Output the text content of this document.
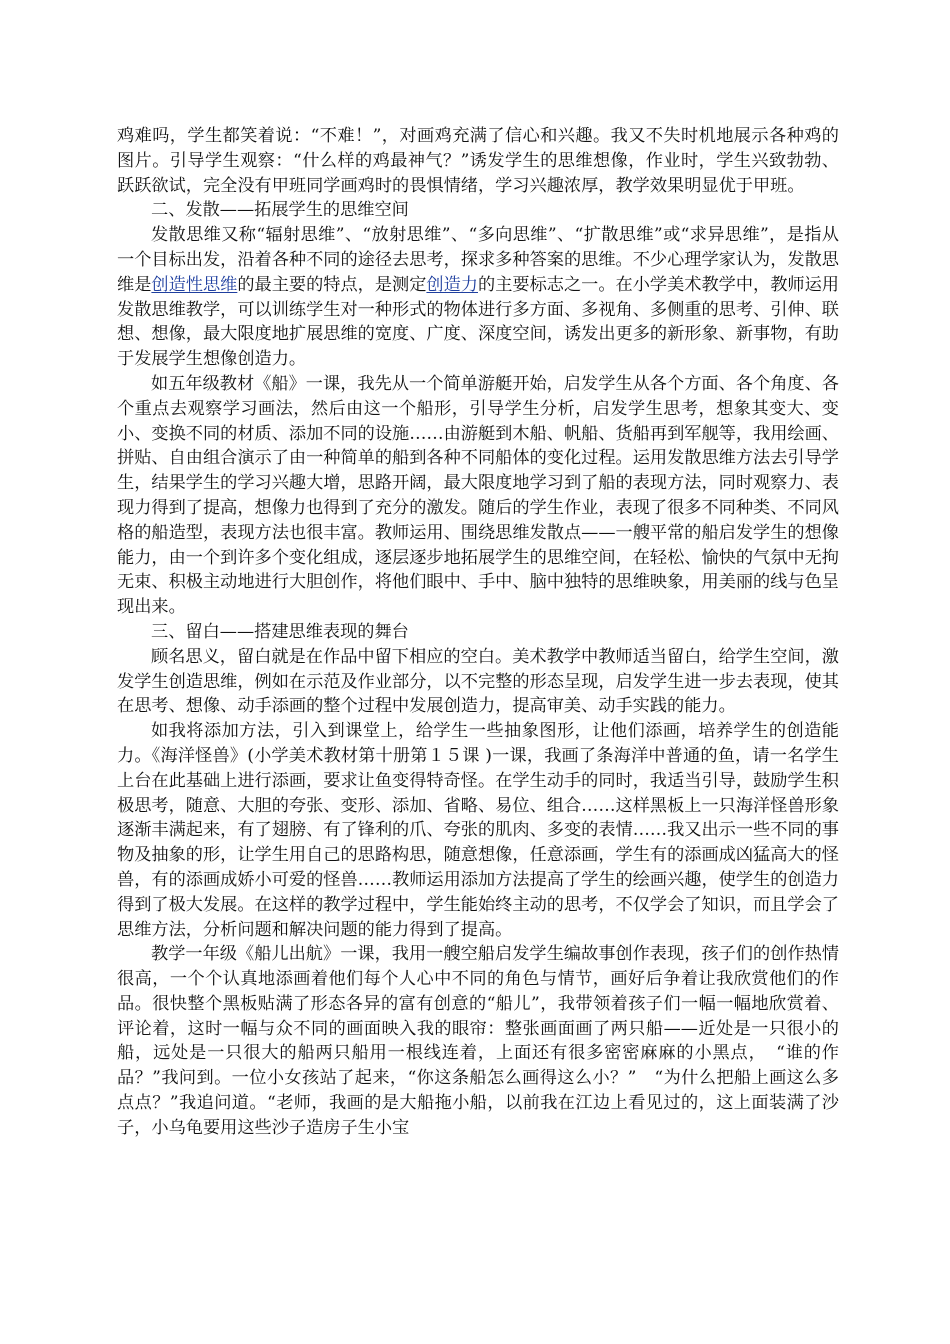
鸡难吗，学生都笑着说：“不难！”，对画鸡充满了信心和兴趣。我又不失时机地展示各种鸡的图片。引导学生观察：“什么样的鸡最神气？”诱发学生的思维想像，作业时，学生兴致勃勃、跃跃欲试，完全没有甲班同学画鸡时的畏惧情绪，学习兴趣浓厚，教学效果明显优于甲班。

二、发散——拓展学生的思维空间

发散思维又称“辐射思维”、“放射思维”、“多向思维”、“扩散思维”或“求异思维”，是指从一个目标出发，沿着各种不同的途径去思考，探求多种答案的思维。不少心理学家认为，发散思维是创造性思维的最主要的特点，是测定创造力的主要标志之一。在小学美术教学中，教师运用发散思维教学，可以训练学生对一种形式的物体进行多方面、多视角、多侧重的思考、引伸、联想、想像，最大限度地扩展思维的宽度、广度、深度空间，诱发出更多的新形象、新事物，有助于发展学生想像创造力。

如五年级教材《船》一课，我先从一个简单游艇开始，启发学生从各个方面、各个角度、各个重点去观察学习画法，然后由这一个船形，引导学生分析，启发学生思考，想象其变大、变小、变换不同的材质、添加不同的设施……由游艇到木船、帆船、货船再到军舰等，我用绘画、拼贴、自由组合演示了由一种简单的船到各种不同船体的变化过程。运用发散思维方法去引导学生，结果学生的学习兴趣大增，思路开阔，最大限度地学习到了船的表现方法，同时观察力、表现力得到了提高，想像力也得到了充分的激发。随后的学生作业，表现了很多不同种类、不同风格的船造型，表现方法也很丰富。教师运用、围绕思维发散点——一艘平常的船启发学生的想像能力，由一个到许多个变化组成，逐层逐步地拓展学生的思维空间，在轻松、愉快的气氛中无拘无束、积极主动地进行大胆创作，将他们眼中、手中、脑中独特的思维映象，用美丽的线与色呈现出来。

三、留白——搭建思维表现的舞台

顾名思义，留白就是在作品中留下相应的空白。美术教学中教师适当留白，给学生空间，激发学生创造思维，例如在示范及作业部分，以不完整的形态呈现，启发学生进一步去表现，使其在思考、想像、动手添画的整个过程中发展创造力，提高审美、动手实践的能力。

如我将添加方法，引入到课堂上，给学生一些抽象图形，让他们添画，培养学生的创造能力。《海洋怪兽》(小学美术教材第十册第１５课 )一课，我画了条海洋中普通的鱼，请一名学生上台在此基础上进行添画，要求让鱼变得特奇怪。在学生动手的同时，我适当引导，鼓励学生积极思考，随意、大胆的夸张、变形、添加、省略、易位、组合……这样黑板上一只海洋怪兽形象逐渐丰满起来，有了翅膀、有了锋利的爪、夸张的肌肉、多变的表情……我又出示一些不同的事物及抽象的形，让学生用自己的思路构思，随意想像，任意添画，学生有的添画成凶猛高大的怪兽，有的添画成娇小可爱的怪兽……教师运用添加方法提高了学生的绘画兴趣，使学生的创造力得到了极大发展。在这样的教学过程中，学生能始终主动的思考，不仅学会了知识，而且学会了思维方法，分析问题和解决问题的能力得到了提高。

教学一年级《船儿出航》一课，我用一艘空船启发学生编故事创作表现，孩子们的创作热情很高，一个个认真地添画着他们每个人心中不同的角色与情节，画好后争着让我欣赏他们的作品。很快整个黑板贴满了形态各异的富有创意的“船儿”，我带领着孩子们一幅一幅地欣赏着、评论着，这时一幅与众不同的画面映入我的眼帘：整张画面画了两只船——近处是一只很小的船，远处是一只很大的船两只船用一根线连着，上面还有很多密密麻麻的小黑点，　“谁的作品？”我问到。一位小女孩站了起来，“你这条船怎么画得这么小？”　“为什么把船上画这么多点点？”我追问道。“老师，我画的是大船拖小船，以前我在江边上看见过的，这上面装满了沙子，小乌龟要用这些沙子造房子生小宝
